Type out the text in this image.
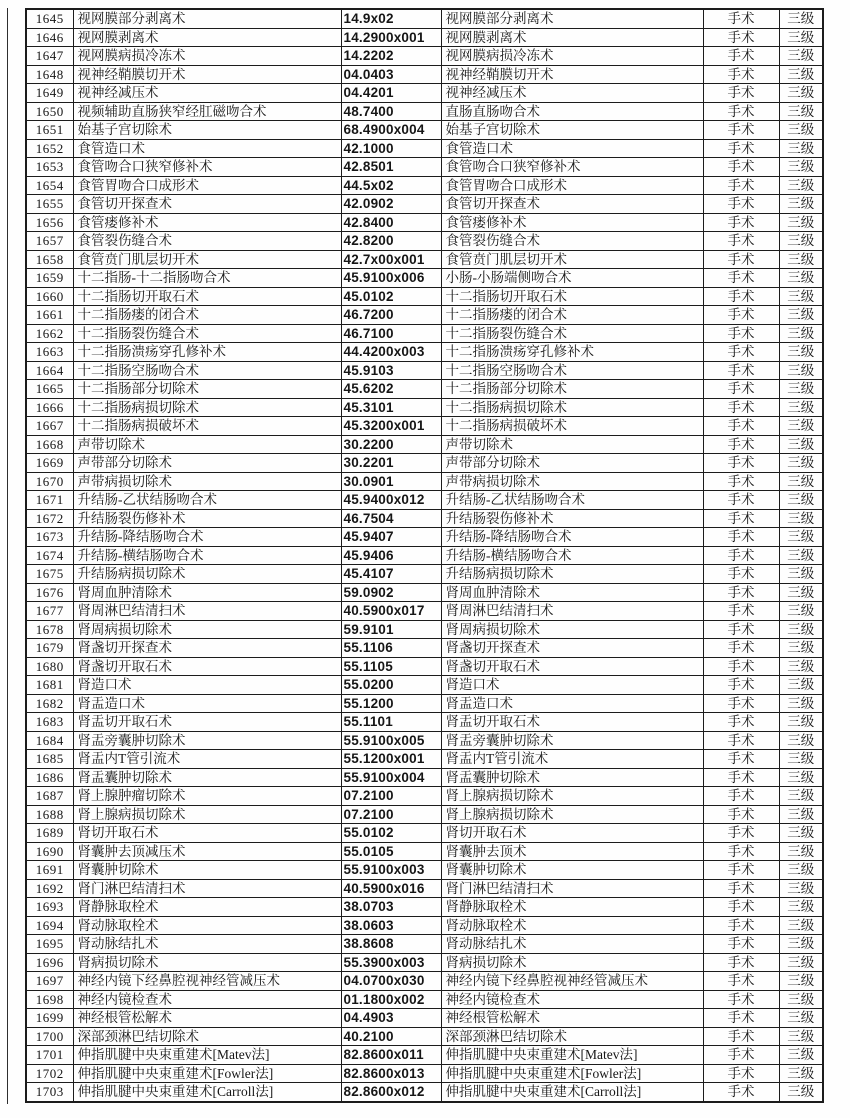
1645	视网膜部分剥离术	14.9x02	视网膜部分剥离术	手术	三级
1646	视网膜剥离术	14.2900x001	视网膜剥离术	手术	三级
1647	视网膜病损冷冻术	14.2202	视网膜病损冷冻术	手术	三级
1648	视神经鞘膜切开术	04.0403	视神经鞘膜切开术	手术	三级
1649	视神经减压术	04.4201	视神经减压术	手术	三级
1650	视频辅助直肠狭窄经肛磁吻合术	48.7400	直肠直肠吻合术	手术	三级
1651	始基子宫切除术	68.4900x004	始基子宫切除术	手术	三级
1652	食管造口术	42.1000	食管造口术	手术	三级
1653	食管吻合口狭窄修补术	42.8501	食管吻合口狭窄修补术	手术	三级
1654	食管胃吻合口成形术	44.5x02	食管胃吻合口成形术	手术	三级
1655	食管切开探查术	42.0902	食管切开探查术	手术	三级
1656	食管瘘修补术	42.8400	食管瘘修补术	手术	三级
1657	食管裂伤缝合术	42.8200	食管裂伤缝合术	手术	三级
1658	食管贲门肌层切开术	42.7x00x001	食管贲门肌层切开术	手术	三级
1659	十二指肠-十二指肠吻合术	45.9100x006	小肠-小肠端侧吻合术	手术	三级
1660	十二指肠切开取石术	45.0102	十二指肠切开取石术	手术	三级
1661	十二指肠瘘的闭合术	46.7200	十二指肠瘘的闭合术	手术	三级
1662	十二指肠裂伤缝合术	46.7100	十二指肠裂伤缝合术	手术	三级
1663	十二指肠溃疡穿孔修补术	44.4200x003	十二指肠溃疡穿孔修补术	手术	三级
1664	十二指肠空肠吻合术	45.9103	十二指肠空肠吻合术	手术	三级
1665	十二指肠部分切除术	45.6202	十二指肠部分切除术	手术	三级
1666	十二指肠病损切除术	45.3101	十二指肠病损切除术	手术	三级
1667	十二指肠病损破坏术	45.3200x001	十二指肠病损破坏术	手术	三级
1668	声带切除术	30.2200	声带切除术	手术	三级
1669	声带部分切除术	30.2201	声带部分切除术	手术	三级
1670	声带病损切除术	30.0901	声带病损切除术	手术	三级
1671	升结肠-乙状结肠吻合术	45.9400x012	升结肠-乙状结肠吻合术	手术	三级
1672	升结肠裂伤修补术	46.7504	升结肠裂伤修补术	手术	三级
1673	升结肠-降结肠吻合术	45.9407	升结肠-降结肠吻合术	手术	三级
1674	升结肠-横结肠吻合术	45.9406	升结肠-横结肠吻合术	手术	三级
1675	升结肠病损切除术	45.4107	升结肠病损切除术	手术	三级
1676	肾周血肿清除术	59.0902	肾周血肿清除术	手术	三级
1677	肾周淋巴结清扫术	40.5900x017	肾周淋巴结清扫术	手术	三级
1678	肾周病损切除术	59.9101	肾周病损切除术	手术	三级
1679	肾盏切开探查术	55.1106	肾盏切开探查术	手术	三级
1680	肾盏切开取石术	55.1105	肾盏切开取石术	手术	三级
1681	肾造口术	55.0200	肾造口术	手术	三级
1682	肾盂造口术	55.1200	肾盂造口术	手术	三级
1683	肾盂切开取石术	55.1101	肾盂切开取石术	手术	三级
1684	肾盂旁囊肿切除术	55.9100x005	肾盂旁囊肿切除术	手术	三级
1685	肾盂内T管引流术	55.1200x001	肾盂内T管引流术	手术	三级
1686	肾盂囊肿切除术	55.9100x004	肾盂囊肿切除术	手术	三级
1687	肾上腺肿瘤切除术	07.2100	肾上腺病损切除术	手术	三级
1688	肾上腺病损切除术	07.2100	肾上腺病损切除术	手术	三级
1689	肾切开取石术	55.0102	肾切开取石术	手术	三级
1690	肾囊肿去顶减压术	55.0105	肾囊肿去顶术	手术	三级
1691	肾囊肿切除术	55.9100x003	肾囊肿切除术	手术	三级
1692	肾门淋巴结清扫术	40.5900x016	肾门淋巴结清扫术	手术	三级
1693	肾静脉取栓术	38.0703	肾静脉取栓术	手术	三级
1694	肾动脉取栓术	38.0603	肾动脉取栓术	手术	三级
1695	肾动脉结扎术	38.8608	肾动脉结扎术	手术	三级
1696	肾病损切除术	55.3900x003	肾病损切除术	手术	三级
1697	神经内镜下经鼻腔视神经管减压术	04.0700x030	神经内镜下经鼻腔视神经管减压术	手术	三级
1698	神经内镜检查术	01.1800x002	神经内镜检查术	手术	三级
1699	神经根管松解术	04.4903	神经根管松解术	手术	三级
1700	深部颈淋巴结切除术	40.2100	深部颈淋巴结切除术	手术	三级
1701	伸指肌腱中央束重建术[Matev法]	82.8600x011	伸指肌腱中央束重建术[Matev法]	手术	三级
1702	伸指肌腱中央束重建术[Fowler法]	82.8600x013	伸指肌腱中央束重建术[Fowler法]	手术	三级
1703	伸指肌腱中央束重建术[Carroll法]	82.8600x012	伸指肌腱中央束重建术[Carroll法]	手术	三级
